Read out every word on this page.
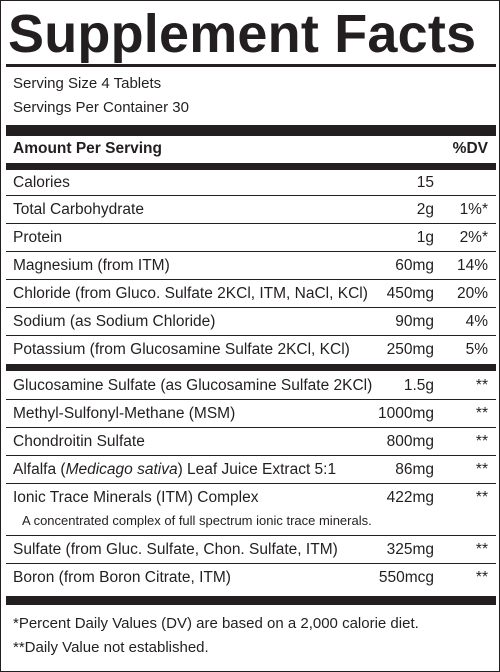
Supplement Facts
Serving Size 4 Tablets
Servings Per Container 30
Amount Per Serving	%DV
Calories	15
Total Carbohydrate	2g 1%*
Protein	1g 2%*
Magnesium (from ITM)	60mg 14%
Chloride (from Gluco. Sulfate 2KCl, ITM, NaCl, KCl) 450mg 20%
Sodium (as Sodium Chloride)	90mg 4%
Potassium (from Glucosamine Sulfate 2KCl, KCl) 250mg 5%
Glucosamine Sulfate (as Glucosamine Sulfate 2KCl) 1.5g	**
Methyl-Sulfonyl-Methane (MSM)	1000mg	**
Chondroitin Sulfate	800mg	**
Alfalfa (Medicago sativa) Leaf Juice Extract 5:1	86mg	**
Ionic Trace Minerals (ITM) Complex	422mg	**
A concentrated complex of full spectrum ionic trace minerals.
Sulfate (from Gluc. Sulfate, Chon. Sulfate, ITM)	325mg	**
Boron (from Boron Citrate, ITM)	550mcg	**
*Percent Daily Values (DV) are based on a 2,000 calorie diet.
**Daily Value not established.
